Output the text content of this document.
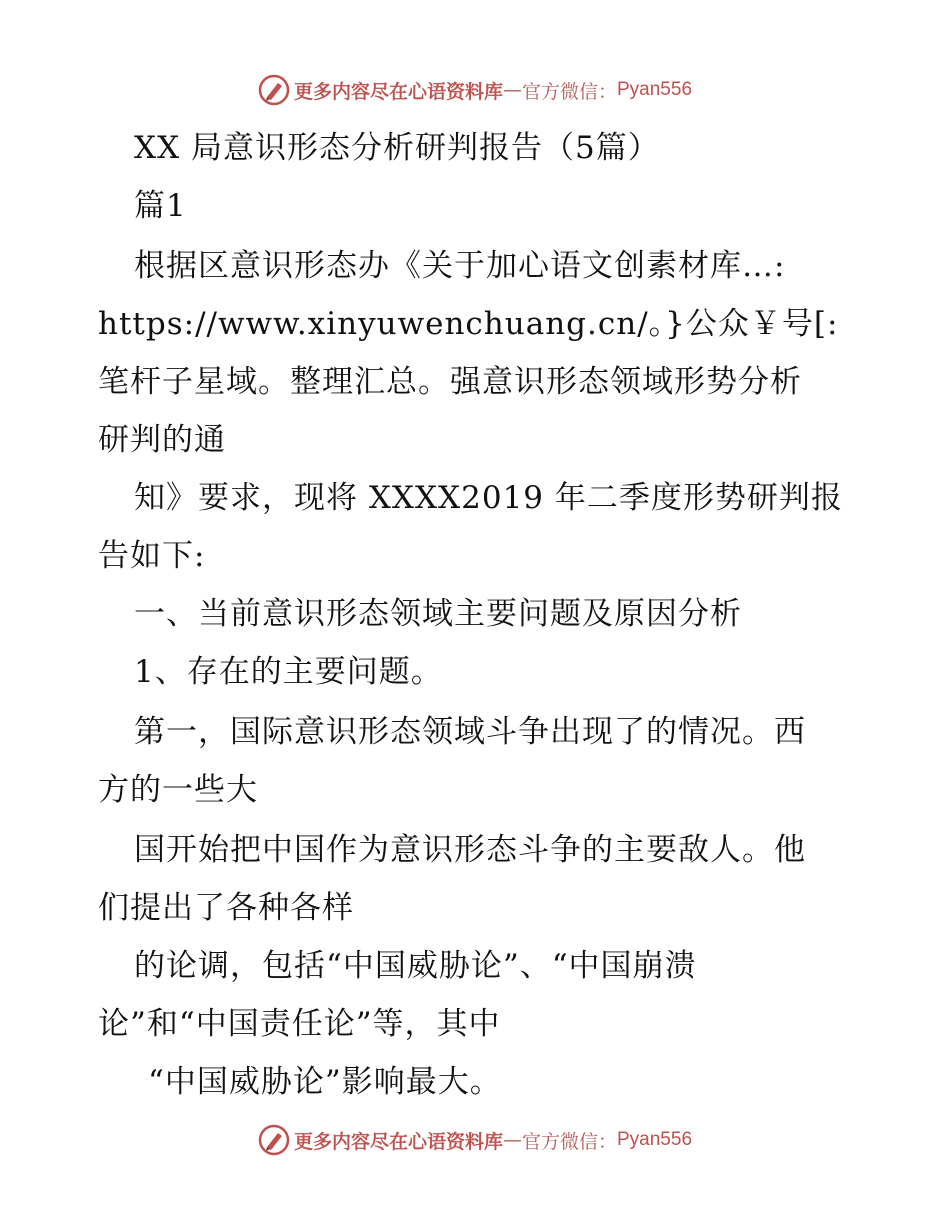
更多内容尽在心语资料库 — 官方微信： Pyan556
XX 局意识形态分析研判报告（5篇）
篇1
根据区意识形态办《关于加心语文创素材库…:
https://www.xinyuwenchuang.cn/。}公众￥号[:
笔杆子星域。整理汇总。强意识形态领域形势分析
研判的通
知》要求，现将 XXXX2019 年二季度形势研判报
告如下:
一、当前意识形态领域主要问题及原因分析
1、存在的主要问题。
第一，国际意识形态领域斗争出现了的情况。西
方的一些大
国开始把中国作为意识形态斗争的主要敌人。他
们提出了各种各样
的论调，包括“中国威胁论”、“中国崩溃
论”和“中国责任论”等，其中
“中国威胁论”影响最大。
更多内容尽在心语资料库 — 官方微信： Pyan556
